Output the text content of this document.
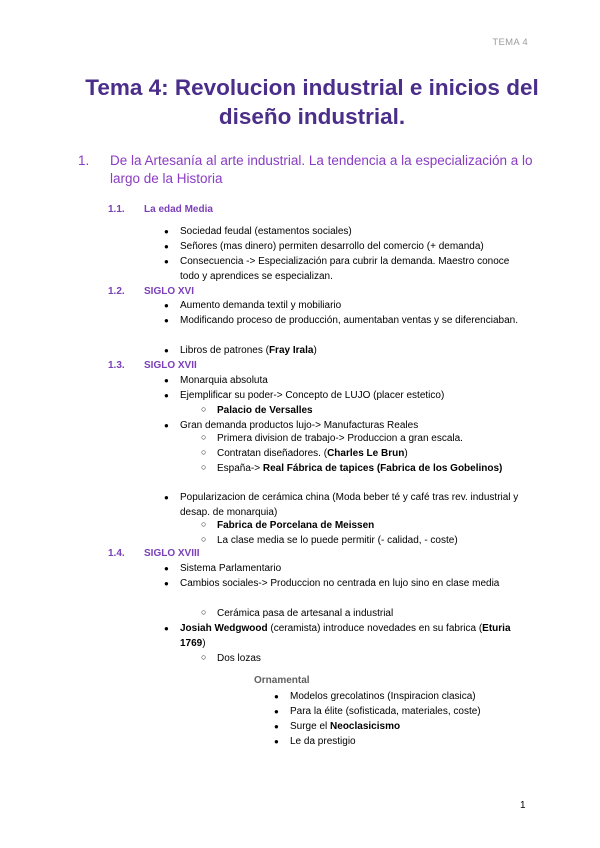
TEMA 4
Tema 4: Revolucion industrial e inicios del diseño industrial.
1. De la Artesanía al arte industrial. La tendencia a la especialización a lo largo de la Historia
1.1. La edad Media
● Sociedad feudal (estamentos sociales)
● Señores (mas dinero) permiten desarrollo del comercio (+ demanda)
● Consecuencia -> Especialización para cubrir la demanda. Maestro conoce todo y aprendices se especializan.
1.2. SIGLO XVI
● Aumento demanda textil y mobiliario
● Modificando proceso de producción, aumentaban ventas y se diferenciaban.
● Libros de patrones (Fray Irala)
1.3. SIGLO XVII
● Monarquia absoluta
● Ejemplificar su poder-> Concepto de LUJO (placer estetico)
○ Palacio de Versalles
● Gran demanda productos lujo-> Manufacturas Reales
○ Primera division de trabajo-> Produccion a gran escala.
○ Contratan diseñadores. (Charles Le Brun)
○ España-> Real Fábrica de tapices (Fabrica de los Gobelinos)
● Popularizacion de cerámica china (Moda beber té y café tras rev. industrial y desap. de monarquia)
○ Fabrica de Porcelana de Meissen
○ La clase media se lo puede permitir (- calidad, - coste)
1.4. SIGLO XVIII
● Sistema Parlamentario
● Cambios sociales-> Produccion no centrada en lujo sino en clase media
○ Cerámica pasa de artesanal a industrial
● Josiah Wedgwood (ceramista) introduce novedades en su fabrica (Eturia 1769)
○ Dos lozas
Ornamental
● Modelos grecolatinos (Inspiracion clasica)
● Para la élite (sofisticada, materiales, coste)
● Surge el Neoclasicismo
● Le da prestigio
1
